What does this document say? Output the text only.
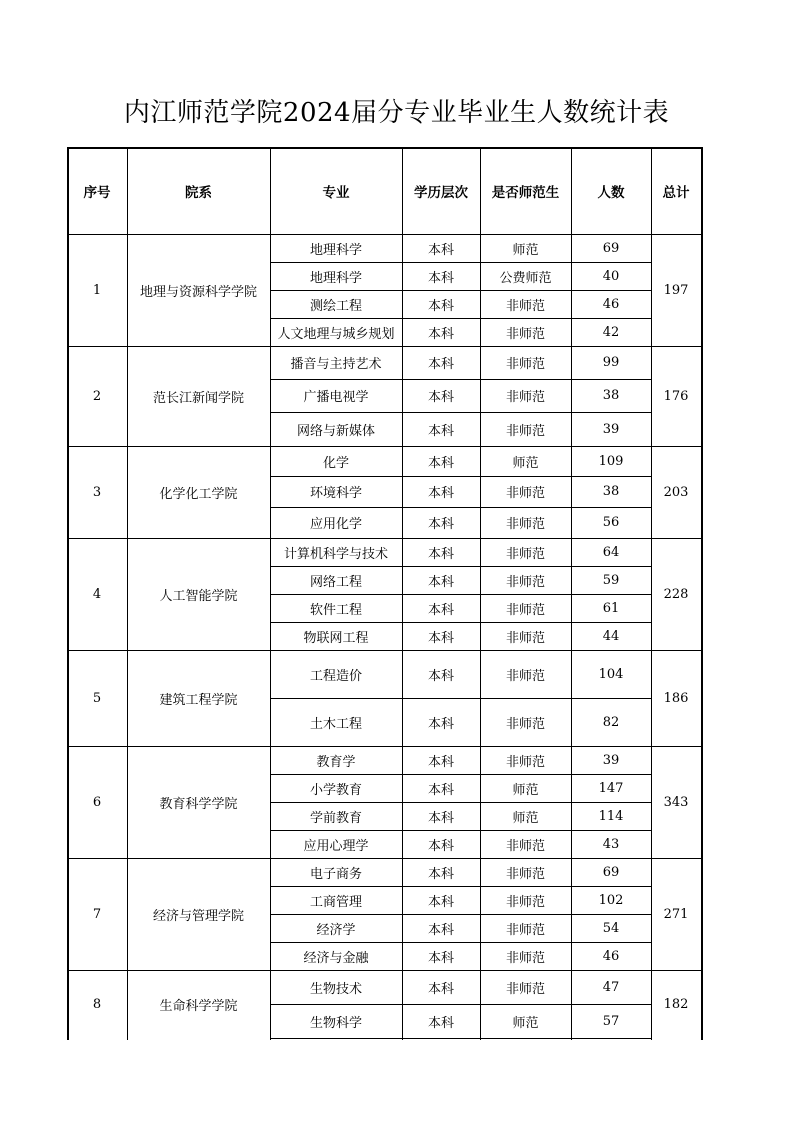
内江师范学院2024届分专业毕业生人数统计表
序号	院系	专业	学历层次	是否师范生	人数	总计
1	地理与资源科学学院	197
地理科学	本科	师范	69
地理科学	本科	公费师范	40
测绘工程	本科	非师范	46
人文地理与城乡规划	本科	非师范	42
2	范长江新闻学院	176
播音与主持艺术	本科	非师范	99
广播电视学	本科	非师范	38
网络与新媒体	本科	非师范	39
3	化学化工学院	203
化学	本科	师范	109
环境科学	本科	非师范	38
应用化学	本科	非师范	56
4	人工智能学院	228
计算机科学与技术	本科	非师范	64
网络工程	本科	非师范	59
软件工程	本科	非师范	61
物联网工程	本科	非师范	44
5	建筑工程学院	186
工程造价	本科	非师范	104
土木工程	本科	非师范	82
6	教育科学学院	343
教育学	本科	非师范	39
小学教育	本科	师范	147
学前教育	本科	师范	114
应用心理学	本科	非师范	43
7	经济与管理学院	271
电子商务	本科	非师范	69
工商管理	本科	非师范	102
经济学	本科	非师范	54
经济与金融	本科	非师范	46
8	生命科学学院	182
生物技术	本科	非师范	47
生物科学	本科	师范	57
